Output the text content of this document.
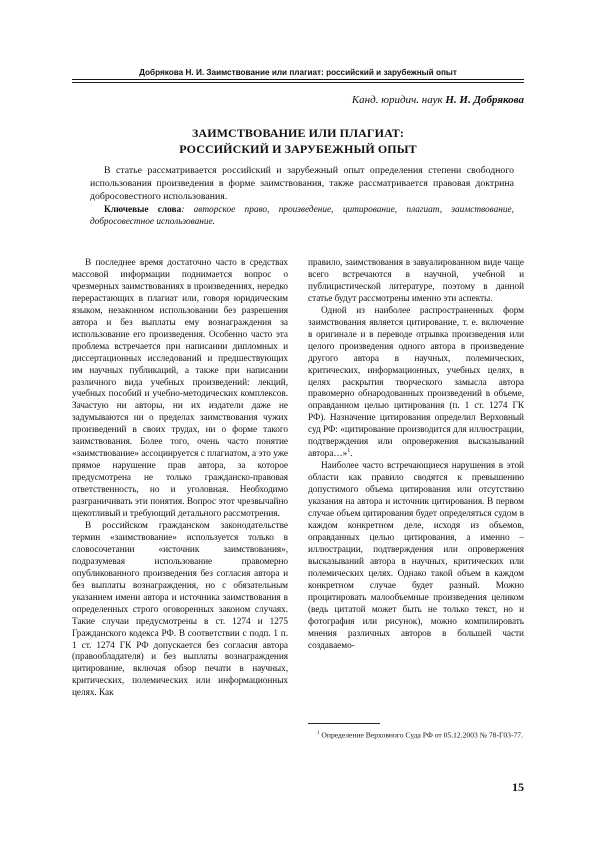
Добрякова Н. И. Заимствование или плагиат: российский и зарубежный опыт
Канд. юридич. наук Н. И. Добрякова
ЗАИМСТВОВАНИЕ ИЛИ ПЛАГИАТ:
РОССИЙСКИЙ И ЗАРУБЕЖНЫЙ ОПЫТ

В статье рассматривается российский и зарубежный опыт определения степени свободного использования произведения в форме заимствования, также рассматривается правовая доктрина добросовестного использования.

Ключевые слова: авторское право, произведение, цитирование, плагиат, заимствование, добросовестное использование.

В последнее время достаточно часто в средствах массовой информации поднимается вопрос о чрезмерных заимствованиях в произведениях, нередко перерастающих в плагиат или, говоря юридическим языком, незаконном использовании без разрешения автора и без выплаты ему вознаграждения за использование его произведения. Особенно часто эта проблема встречается при написании дипломных и диссертационных исследований и предшествующих им научных публикаций, а также при написании различного вида учебных произведений: лекций, учебных пособий и учебно-методических комплексов. Зачастую ни авторы, ни их издатели даже не задумываются ни о пределах заимствования чужих произведений в своих трудах, ни о форме такого заимствования. Более того, очень часто понятие «заимствование» ассоциируется с плагиатом, а это уже прямое нарушение прав автора, за которое предусмотрена не только гражданско-правовая ответственность, но и уголовная. Необходимо разграничивать эти понятия. Вопрос этот чрезвычайно щекотливый и требующий детального рассмотрения.

В российском гражданском законодательстве термин «заимствование» используется только в словосочетании «источник заимствования», подразумевая использование правомерно опубликованного произведения без согласия автора и без выплаты вознаграждения, но с обязательным указанием имени автора и источника заимствования в определенных строго оговоренных законом случаях. Такие случаи предусмотрены в ст. 1274 и 1275 Гражданского кодекса РФ. В соответствии с подп. 1 п. 1 ст. 1274 ГК РФ допускается без согласия автора (правообладателя) и без выплаты вознаграждения цитирование, включая обзор печати в научных, критических, полемических или информационных целях. Как

правило, заимствования в завуалированном виде чаще всего встречаются в научной, учебной и публицистической литературе, поэтому в данной статье будут рассмотрены именно эти аспекты.

Одной из наиболее распространенных форм заимствования является цитирование, т. е. включение в оригинале и в переводе отрывка произведения или целого произведения одного автора в произведение другого автора в научных, полемических, критических, информационных, учебных целях, в целях раскрытия творческого замысла автора правомерно обнародованных произведений в объеме, оправданном целью цитирования (п. 1 ст. 1274 ГК РФ). Назначение цитирования определил Верховный суд РФ: «цитирование производится для иллюстрации, подтверждения или опровержения высказываний автора…»$^1$.

Наиболее часто встречающиеся нарушения в этой области как правило сводятся к превышению допустимого объема цитирования или отсутствию указания на автора и источник цитирования. В первом случае объем цитирования будет определяться судом в каждом конкретном деле, исходя из объемов, оправданных целью цитирования, а именно – иллюстрации, подтверждения или опровержения высказываний автора в научных, критических или полемических целях. Однако такой объем в каждом конкретном случае будет разный. Можно процитировать малообъемные произведения целиком (ведь цитатой может быть не только текст, но и фотография или рисунок), можно компилировать мнения различных авторов в большей части создаваемо-

$^1$ Определение Верховного Суда РФ от 05.12.2003 № 78-Г03-77.

15
